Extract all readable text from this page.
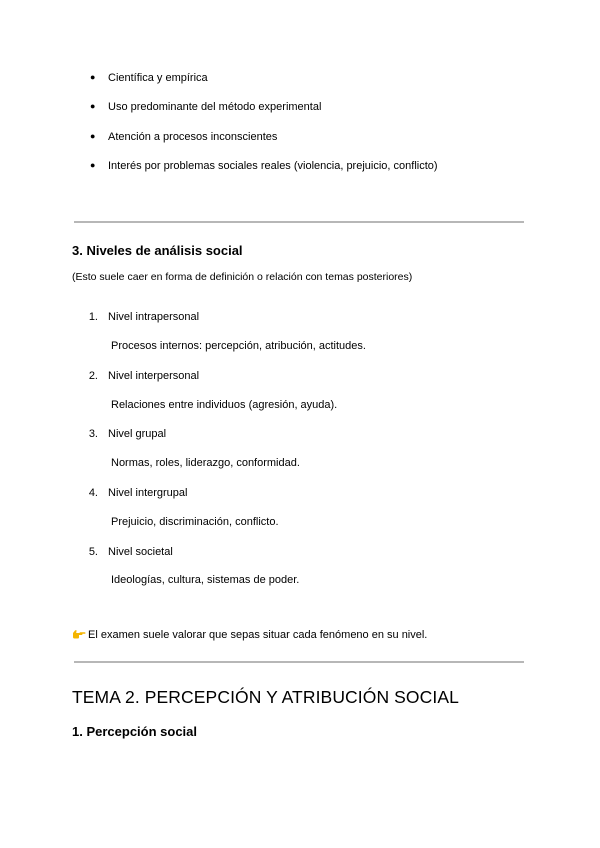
● Científica y empírica
● Uso predominante del método experimental
● Atención a procesos inconscientes
● Interés por problemas sociales reales (violencia, prejuicio, conflicto)
3. Niveles de análisis social
(Esto suele caer en forma de definición o relación con temas posteriores)
1. Nivel intrapersonal
Procesos internos: percepción, atribución, actitudes.
2. Nivel interpersonal
Relaciones entre individuos (agresión, ayuda).
3. Nivel grupal
Normas, roles, liderazgo, conformidad.
4. Nivel intergrupal
Prejuicio, discriminación, conflicto.
5. Nivel societal
Ideologías, cultura, sistemas de poder.
El examen suele valorar que sepas situar cada fenómeno en su nivel.
TEMA 2. PERCEPCIÓN Y ATRIBUCIÓN SOCIAL
1. Percepción social
